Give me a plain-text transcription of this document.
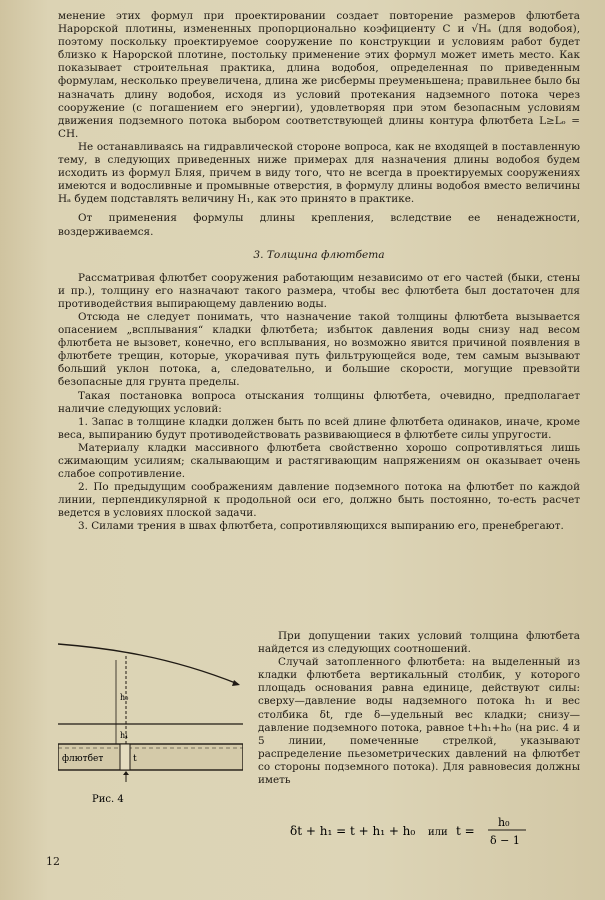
менение этих формул при проектировании создает повторение размеров флютбета Нарорской плотины, измененных пропорционально коэфициенту C и √Hₐ (для водобоя), поэтому поскольку проектируемое сооружение по конструкции и условиям работ будет близко к Нарорской плотине, постольку применение этих формул может иметь место. Как показывает строительная практика, длина водобоя, определенная по приведенным формулам, несколько преувеличена, длина же рисбермы преуменьшена; правильнее было бы назначать длину водобоя, исходя из условий протекания надземного потока через сооружение (с погашением его энергии), удовлетворяя при этом безопасным условиям движения подземного потока выбором соответствующей длины контура флютбета L≥Lₒ = CH.

Не останавливаясь на гидравлической стороне вопроса, как не входящей в поставленную тему, в следующих приведенных ниже примерах для назначения длины водобоя будем исходить из формул Бляя, причем в виду того, что не всегда в проектируемых сооружениях имеются и водосливные и промывные отверстия, в формулу длины водобоя вместо величины Hₐ будем подставлять величину H₁, как это принято в практике.

От применения формулы длины крепления, вследствие ее ненадежности, воздерживаемся.

3. Толщина флютбета

Рассматривая флютбет сооружения работающим независимо от его частей (быки, стены и пр.), толщину его назначают такого размера, чтобы вес флютбета был достаточен для противодействия выпирающему давлению воды.

Отсюда не следует понимать, что назначение такой толщины флютбета вызывается опасением „всплывания“ кладки флютбета; избыток давления воды снизу над весом флютбета не вызовет, конечно, его всплывания, но возможно явится причиной появления в флютбете трещин, которые, укорачивая путь фильтрующейся воде, тем самым вызывают больший уклон потока, а, следовательно, и большие скорости, могущие превзойти безопасные для грунта пределы.

Такая постановка вопроса отыскания толщины флютбета, очевидно, предполагает наличие следующих условий:

1. Запас в толщине кладки должен быть по всей длине флютбета одинаков, иначе, кроме веса, выпиранию будут противодействовать развивающиеся в флютбете силы упругости.

Материалу кладки массивного флютбета свойственно хорошо сопротивляться лишь сжимающим усилиям; скалывающим и растягивающим напряжениям он оказывает очень слабое сопротивление.

2. По предыдущим соображениям давление подземного потока на флютбет по каждой линии, перпендикулярной к продольной оси его, должно быть постоянно, то-есть расчет ведется в условиях плоской задачи.

3. Силами трения в швах флютбета, сопротивляющихся выпиранию его, пренебрегают.

h₀
h₁
флютбет	t
Рис. 4

При допущении таких условий толщина флютбета найдется из следующих соотношений.

Случай затопленного флютбета: на выделенный из кладки флютбета вертикальный столбик, у которого площадь основания равна единице, действуют силы: сверху—давление воды надземного потока h₁ и вес столбика δt, где δ—удельный вес кладки; снизу—давление подземного потока, равное t+h₁+h₀ (на рис. 4 и 5 линии, помеченные стрелкой, указывают распределение пьезометрических давлений на флютбет со стороны подземного потока). Для равновесия должны иметь

δt + h₁ = t + h₁ + h₀ или t =
h₀
δ − 1
12
